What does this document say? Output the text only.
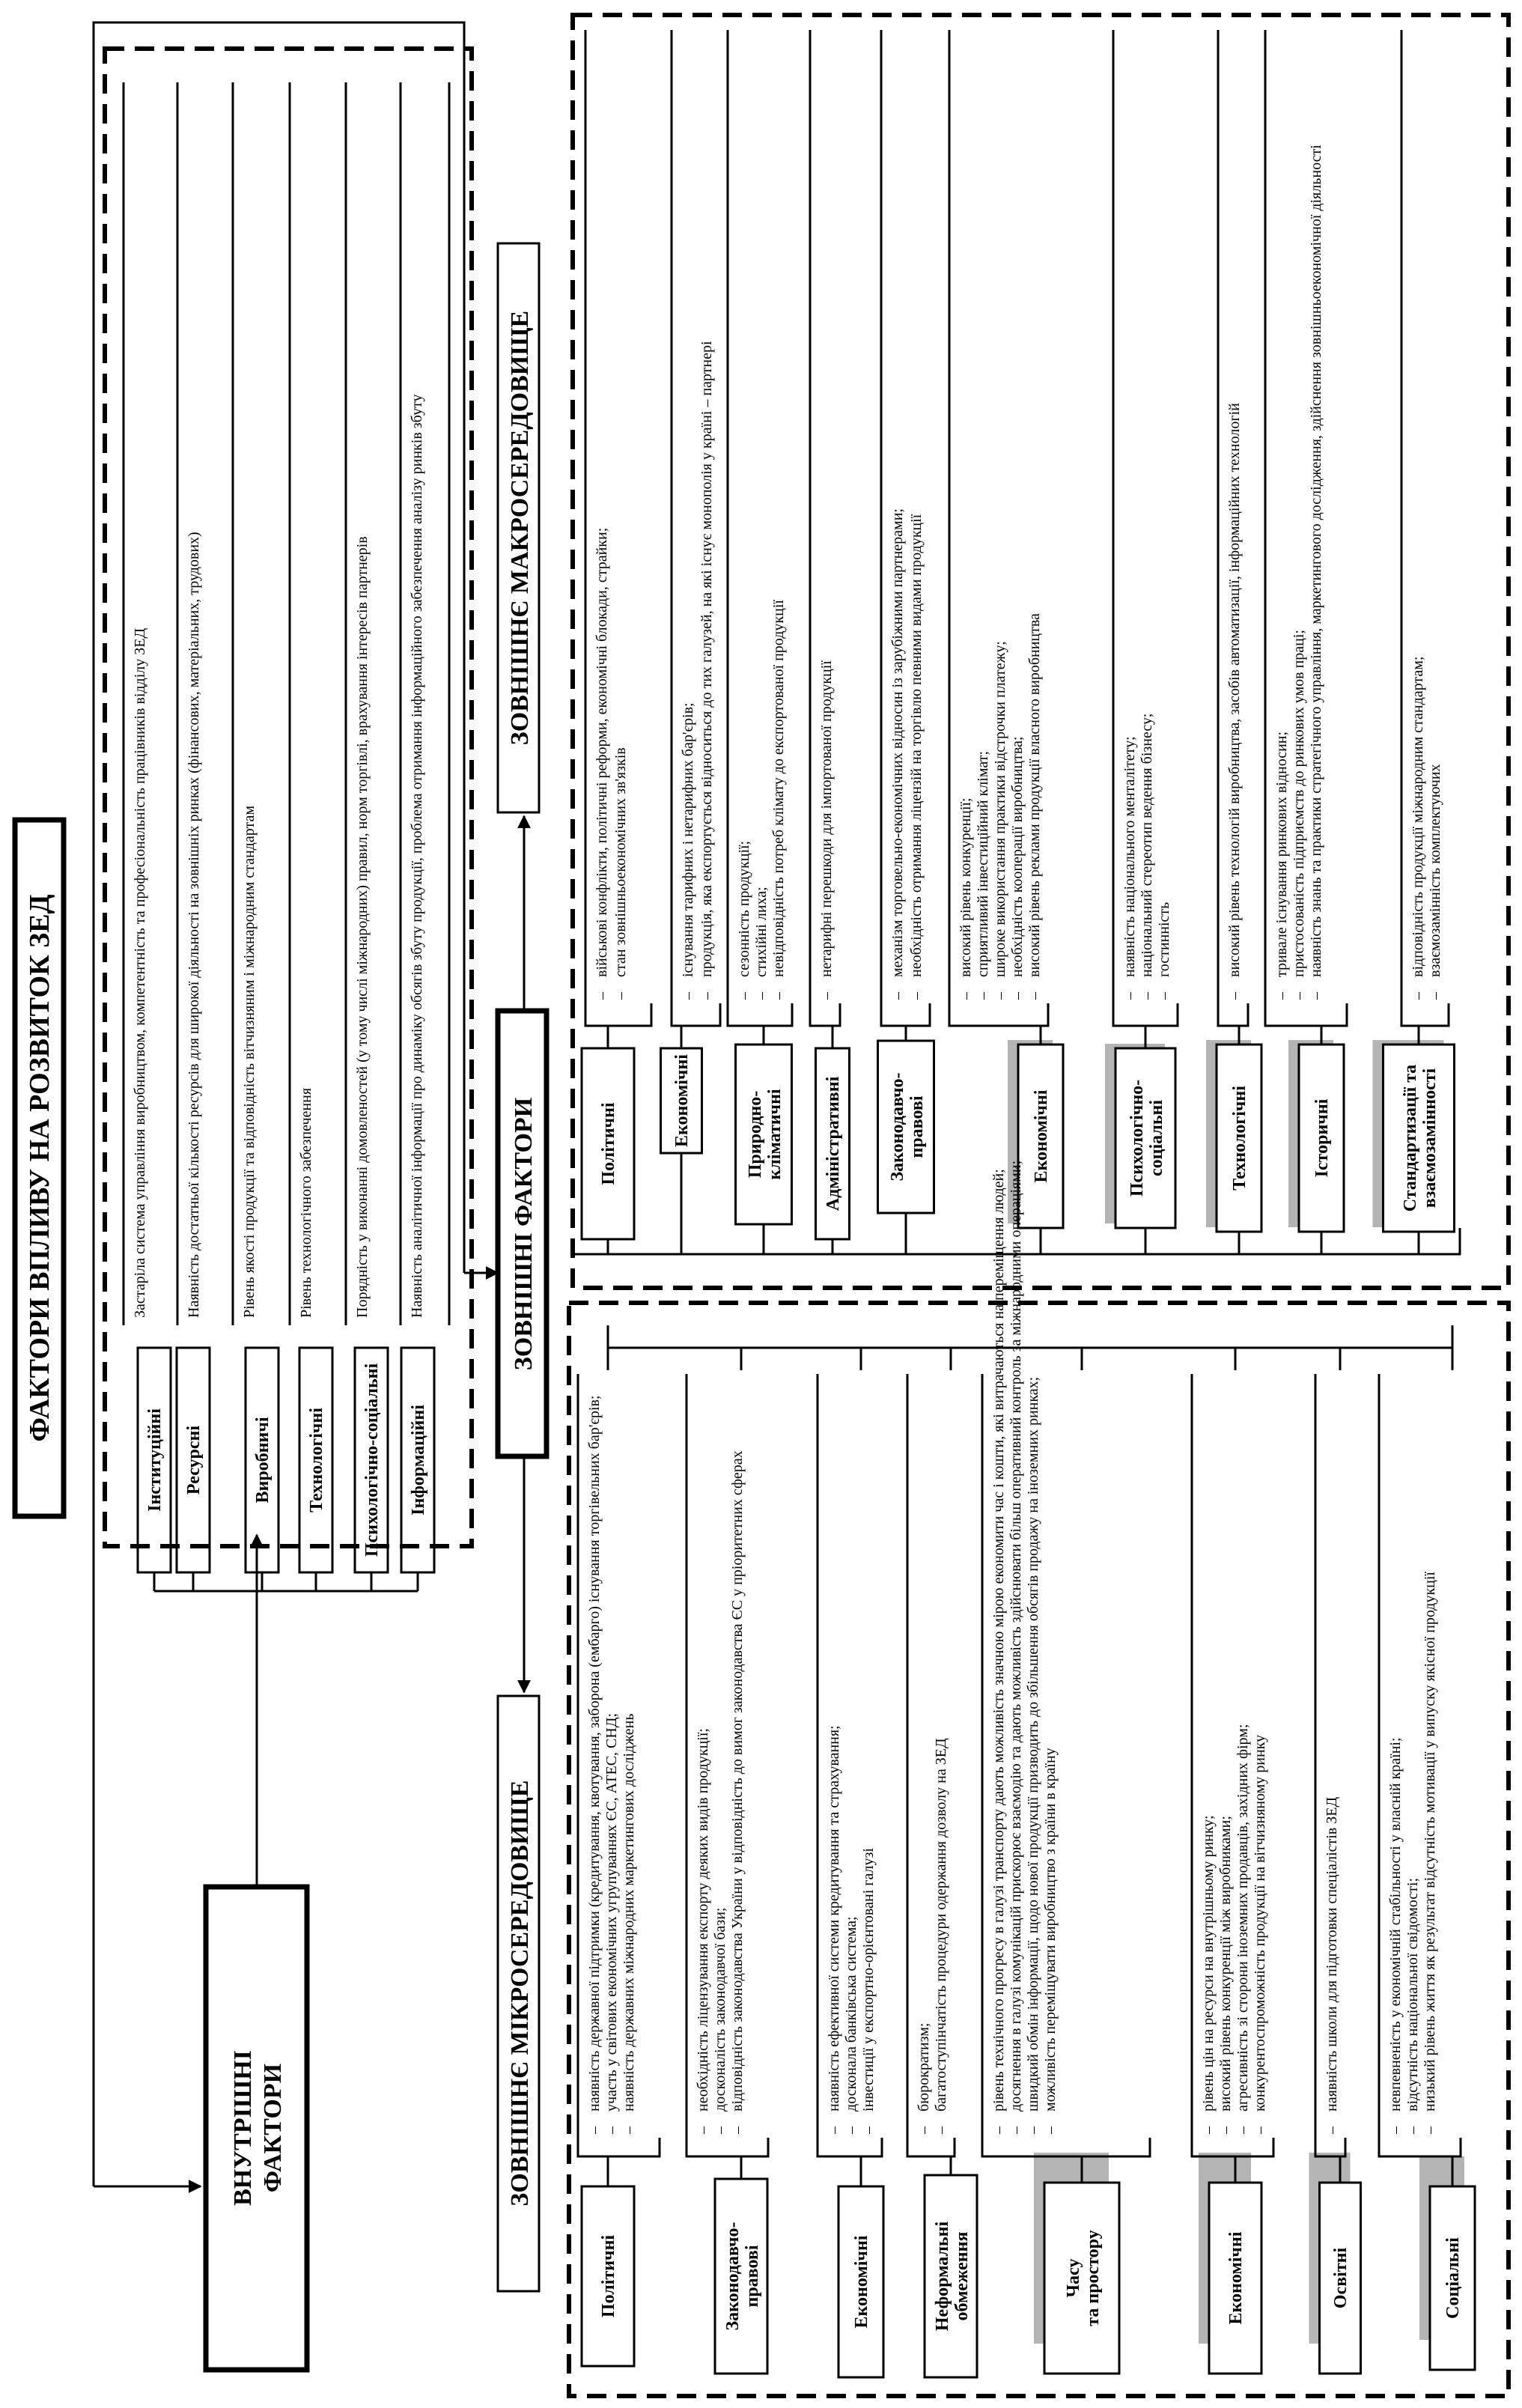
ФАКТОРИ ВПЛИВУ НА РОЗВИТОК ЗЕД
ВНУТРІШНІ ФАКТОРИ
ЗОВНІШНІ ФАКТОРИ
ЗОВНІШНЄ МАКРОСЕРЕДОВИЩЕ
ЗОВНІШНЄ МІКРОСЕРЕДОВИЩЕ
– –	– – – – – –	– – – – – – –	– – –	– – – –	– –
– – –	– – –	– – –	– –	– – – –	– – – –	–	– – –
Інституційні
Застаріла система управління виробництвом, компетентність та професіональність працівників відділу ЗЕД
Ресурсні
Наявність достатньої кількості ресурсів для широкої діяльності на зовнішніх ринках (фінансових, матеріальних, трудових)
Виробничі
Рівень якості продукції та відповідність вітчизняним і міжнародним стандартам
Технологічні
Рівень технологічного забезпечення
Психологічно-соціальні
Порядність у виконанні домовленостей (у тому числі міжнародних) правил, норм торгівлі, врахування інтересів партнерів
Інформаційні
Наявність аналітичної інформації про динаміку обсягів збуту продукції, проблема отримання інформаційного забезпечення аналізу ринків збуту	Політичні
військові конфлікти, політичні реформи, економічні блокади, страйки; стан зовнішньоекономічних зв'язків
Економічні
існування тарифних і нетарифних бар'єрів; продукція, яка експортується відноситься до тих галузей, на які існує монополія у країні – партнері
Природно- кліматичні
сезонність продукції; стихійні лиха; невідповідність потреб клімату до експортованої продукції
Адміністративні
нетарифні перешкоди для імпортованої продукції
Законодавчо- правові
механізм торговельно-економічних відносин із зарубіжними партнерами; необхідність отримання ліцензій на торгівлю певними видами продукції
Економічні
високий рівень конкуренції; сприятливий інвестиційний клімат; широке використання практики відстрочки платежу; необхідність кооперації виробництва; високий рівень реклами продукції власного виробництва
Психологічно- соціальні
наявність національного менталітету; національний стереотип ведення бізнесу; гостинність
Технологічні
високий рівень технологій виробництва, засобів автоматизації, інформаційних технологій
Історичні
тривале існування ринкових відносин; пристосованість підприємств до ринкових умов праці; наявність знань та практики стратегічного управління, маркетингового дослідження, здійснення зовнішньоекономічної діяльності
Стандартизації та взаємозамінності
відповідність продукції міжнародним стандартам; взаємозамінність комплектуючих
Політичні
наявність державної підтримки (кредитування, квотування, заборона (ембарго) існування торгівельних бар'єрів; участь у світових економічних угрупуваннях ЄС, АТЕС, СНД; наявність державних міжнародних маркетингових досліджень
Законодавчо- правові
необхідність ліцензування експорту деяких видів продукції; досконалість законодавчої бази; відповідність законодавства України у відповідність до вимог законодавства ЄС у пріоритетних сферах
Економічні
наявність ефективної системи кредитування та страхування; досконала банківська система; інвестиції у експортно-орієнтовані галузі
Неформальні обмеження
бюрократизм; багатоступінчатість процедури одержання дозволу на ЗЕД
Часу та простору
рівень технічного прогресу в галузі транспорту дають можливість значною мірою економити час і кошти, які витрачаються на переміщення людей; досягнення в галузі комунікацій прискорює взаємодію та дають можливість здійснювати більш оперативний контроль за міжнародними операціями; швидкий обмін інформації, щодо нової продукції призводить до збільшення обсягів продажу на іноземних ринках; можливість переміщувати виробництво з країни в країну
Економічні
рівень цін на ресурси на внутрішньому ринку; високий рівень конкуренції між виробниками; агресивність зі сторони іноземних продавців, західних фірм; конкурентоспроможність продукції на вітчизняному ринку
Освітні
наявність школи для підготовки спеціалістів ЗЕД
Соціальні
невпевненість у економічній стабільності у власній країні; відсутність національної свідомості; низький рівень життя як результат відсутність мотивації у випуску якісної продукції
